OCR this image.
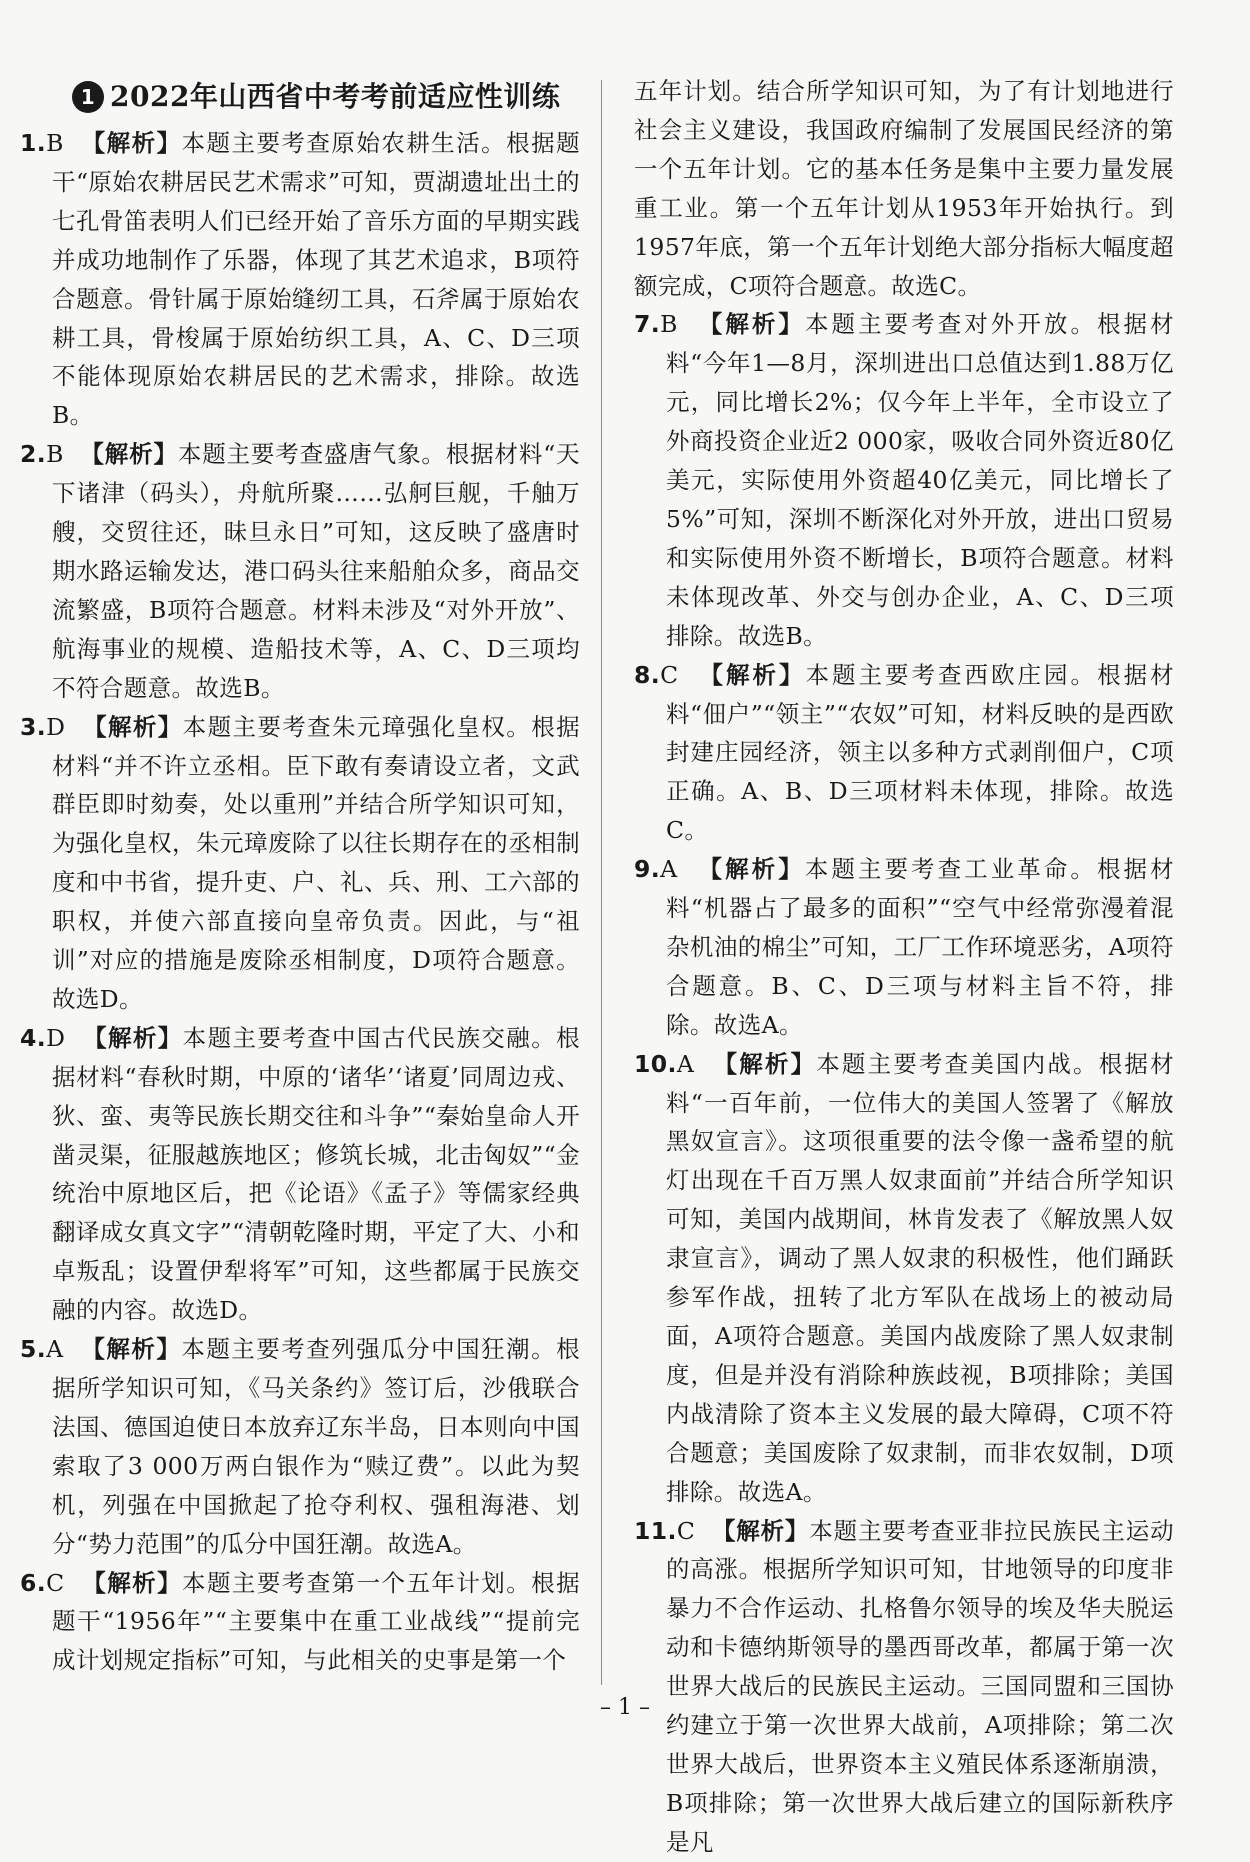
1 2022年山西省中考考前适应性训练
1.B 【解析】本题主要考查原始农耕生活。根据题干“原始农耕居民艺术需求”可知，贾湖遗址出土的七孔骨笛表明人们已经开始了音乐方面的早期实践并成功地制作了乐器，体现了其艺术追求，B项符合题意。骨针属于原始缝纫工具，石斧属于原始农耕工具，骨梭属于原始纺织工具，A、C、D三项不能体现原始农耕居民的艺术需求，排除。故选B。
2.B 【解析】本题主要考查盛唐气象。根据材料“天下诸津（码头），舟航所聚……弘舸巨舰，千舳万艘，交贸往还，昧旦永日”可知，这反映了盛唐时期水路运输发达，港口码头往来船舶众多，商品交流繁盛，B项符合题意。材料未涉及“对外开放”、航海事业的规模、造船技术等，A、C、D三项均不符合题意。故选B。
3.D 【解析】本题主要考查朱元璋强化皇权。根据材料“并不许立丞相。臣下敢有奏请设立者，文武群臣即时劾奏，处以重刑”并结合所学知识可知，为强化皇权，朱元璋废除了以往长期存在的丞相制度和中书省，提升吏、户、礼、兵、刑、工六部的职权，并使六部直接向皇帝负责。因此，与“祖训”对应的措施是废除丞相制度，D项符合题意。故选D。
4.D 【解析】本题主要考查中国古代民族交融。根据材料“春秋时期，中原的‘诸华’‘诸夏’同周边戎、狄、蛮、夷等民族长期交往和斗争”“秦始皇命人开凿灵渠，征服越族地区；修筑长城，北击匈奴”“金统治中原地区后，把《论语》《孟子》等儒家经典翻译成女真文字”“清朝乾隆时期，平定了大、小和卓叛乱；设置伊犁将军”可知，这些都属于民族交融的内容。故选D。
5.A 【解析】本题主要考查列强瓜分中国狂潮。根据所学知识可知，《马关条约》签订后，沙俄联合法国、德国迫使日本放弃辽东半岛，日本则向中国索取了3 000万两白银作为“赎辽费”。以此为契机，列强在中国掀起了抢夺利权、强租海港、划分“势力范围”的瓜分中国狂潮。故选A。
6.C 【解析】本题主要考查第一个五年计划。根据题干“1956年”“主要集中在重工业战线”“提前完成计划规定指标”可知，与此相关的史事是第一个
五年计划。结合所学知识可知，为了有计划地进行社会主义建设，我国政府编制了发展国民经济的第一个五年计划。它的基本任务是集中主要力量发展重工业。第一个五年计划从1953年开始执行。到1957年底，第一个五年计划绝大部分指标大幅度超额完成，C项符合题意。故选C。
7.B 【解析】本题主要考查对外开放。根据材料“今年1—8月，深圳进出口总值达到1.88万亿元，同比增长2%；仅今年上半年，全市设立了外商投资企业近2 000家，吸收合同外资近80亿美元，实际使用外资超40亿美元，同比增长了5%”可知，深圳不断深化对外开放，进出口贸易和实际使用外资不断增长，B项符合题意。材料未体现改革、外交与创办企业，A、C、D三项排除。故选B。
8.C 【解析】本题主要考查西欧庄园。根据材料“佃户”“领主”“农奴”可知，材料反映的是西欧封建庄园经济，领主以多种方式剥削佃户，C项正确。A、B、D三项材料未体现，排除。故选C。
9.A 【解析】本题主要考查工业革命。根据材料“机器占了最多的面积”“空气中经常弥漫着混杂机油的棉尘”可知，工厂工作环境恶劣，A项符合题意。B、C、D三项与材料主旨不符，排除。故选A。
10.A 【解析】本题主要考查美国内战。根据材料“一百年前，一位伟大的美国人签署了《解放黑奴宣言》。这项很重要的法令像一盏希望的航灯出现在千百万黑人奴隶面前”并结合所学知识可知，美国内战期间，林肯发表了《解放黑人奴隶宣言》，调动了黑人奴隶的积极性，他们踊跃参军作战，扭转了北方军队在战场上的被动局面，A项符合题意。美国内战废除了黑人奴隶制度，但是并没有消除种族歧视，B项排除；美国内战清除了资本主义发展的最大障碍，C项不符合题意；美国废除了奴隶制，而非农奴制，D项排除。故选A。
11.C 【解析】本题主要考查亚非拉民族民主运动的高涨。根据所学知识可知，甘地领导的印度非暴力不合作运动、扎格鲁尔领导的埃及华夫脱运动和卡德纳斯领导的墨西哥改革，都属于第一次世界大战后的民族民主运动。三国同盟和三国协约建立于第一次世界大战前，A项排除；第二次世界大战后，世界资本主义殖民体系逐渐崩溃，B项排除；第一次世界大战后建立的国际新秩序是凡
– 1 –
